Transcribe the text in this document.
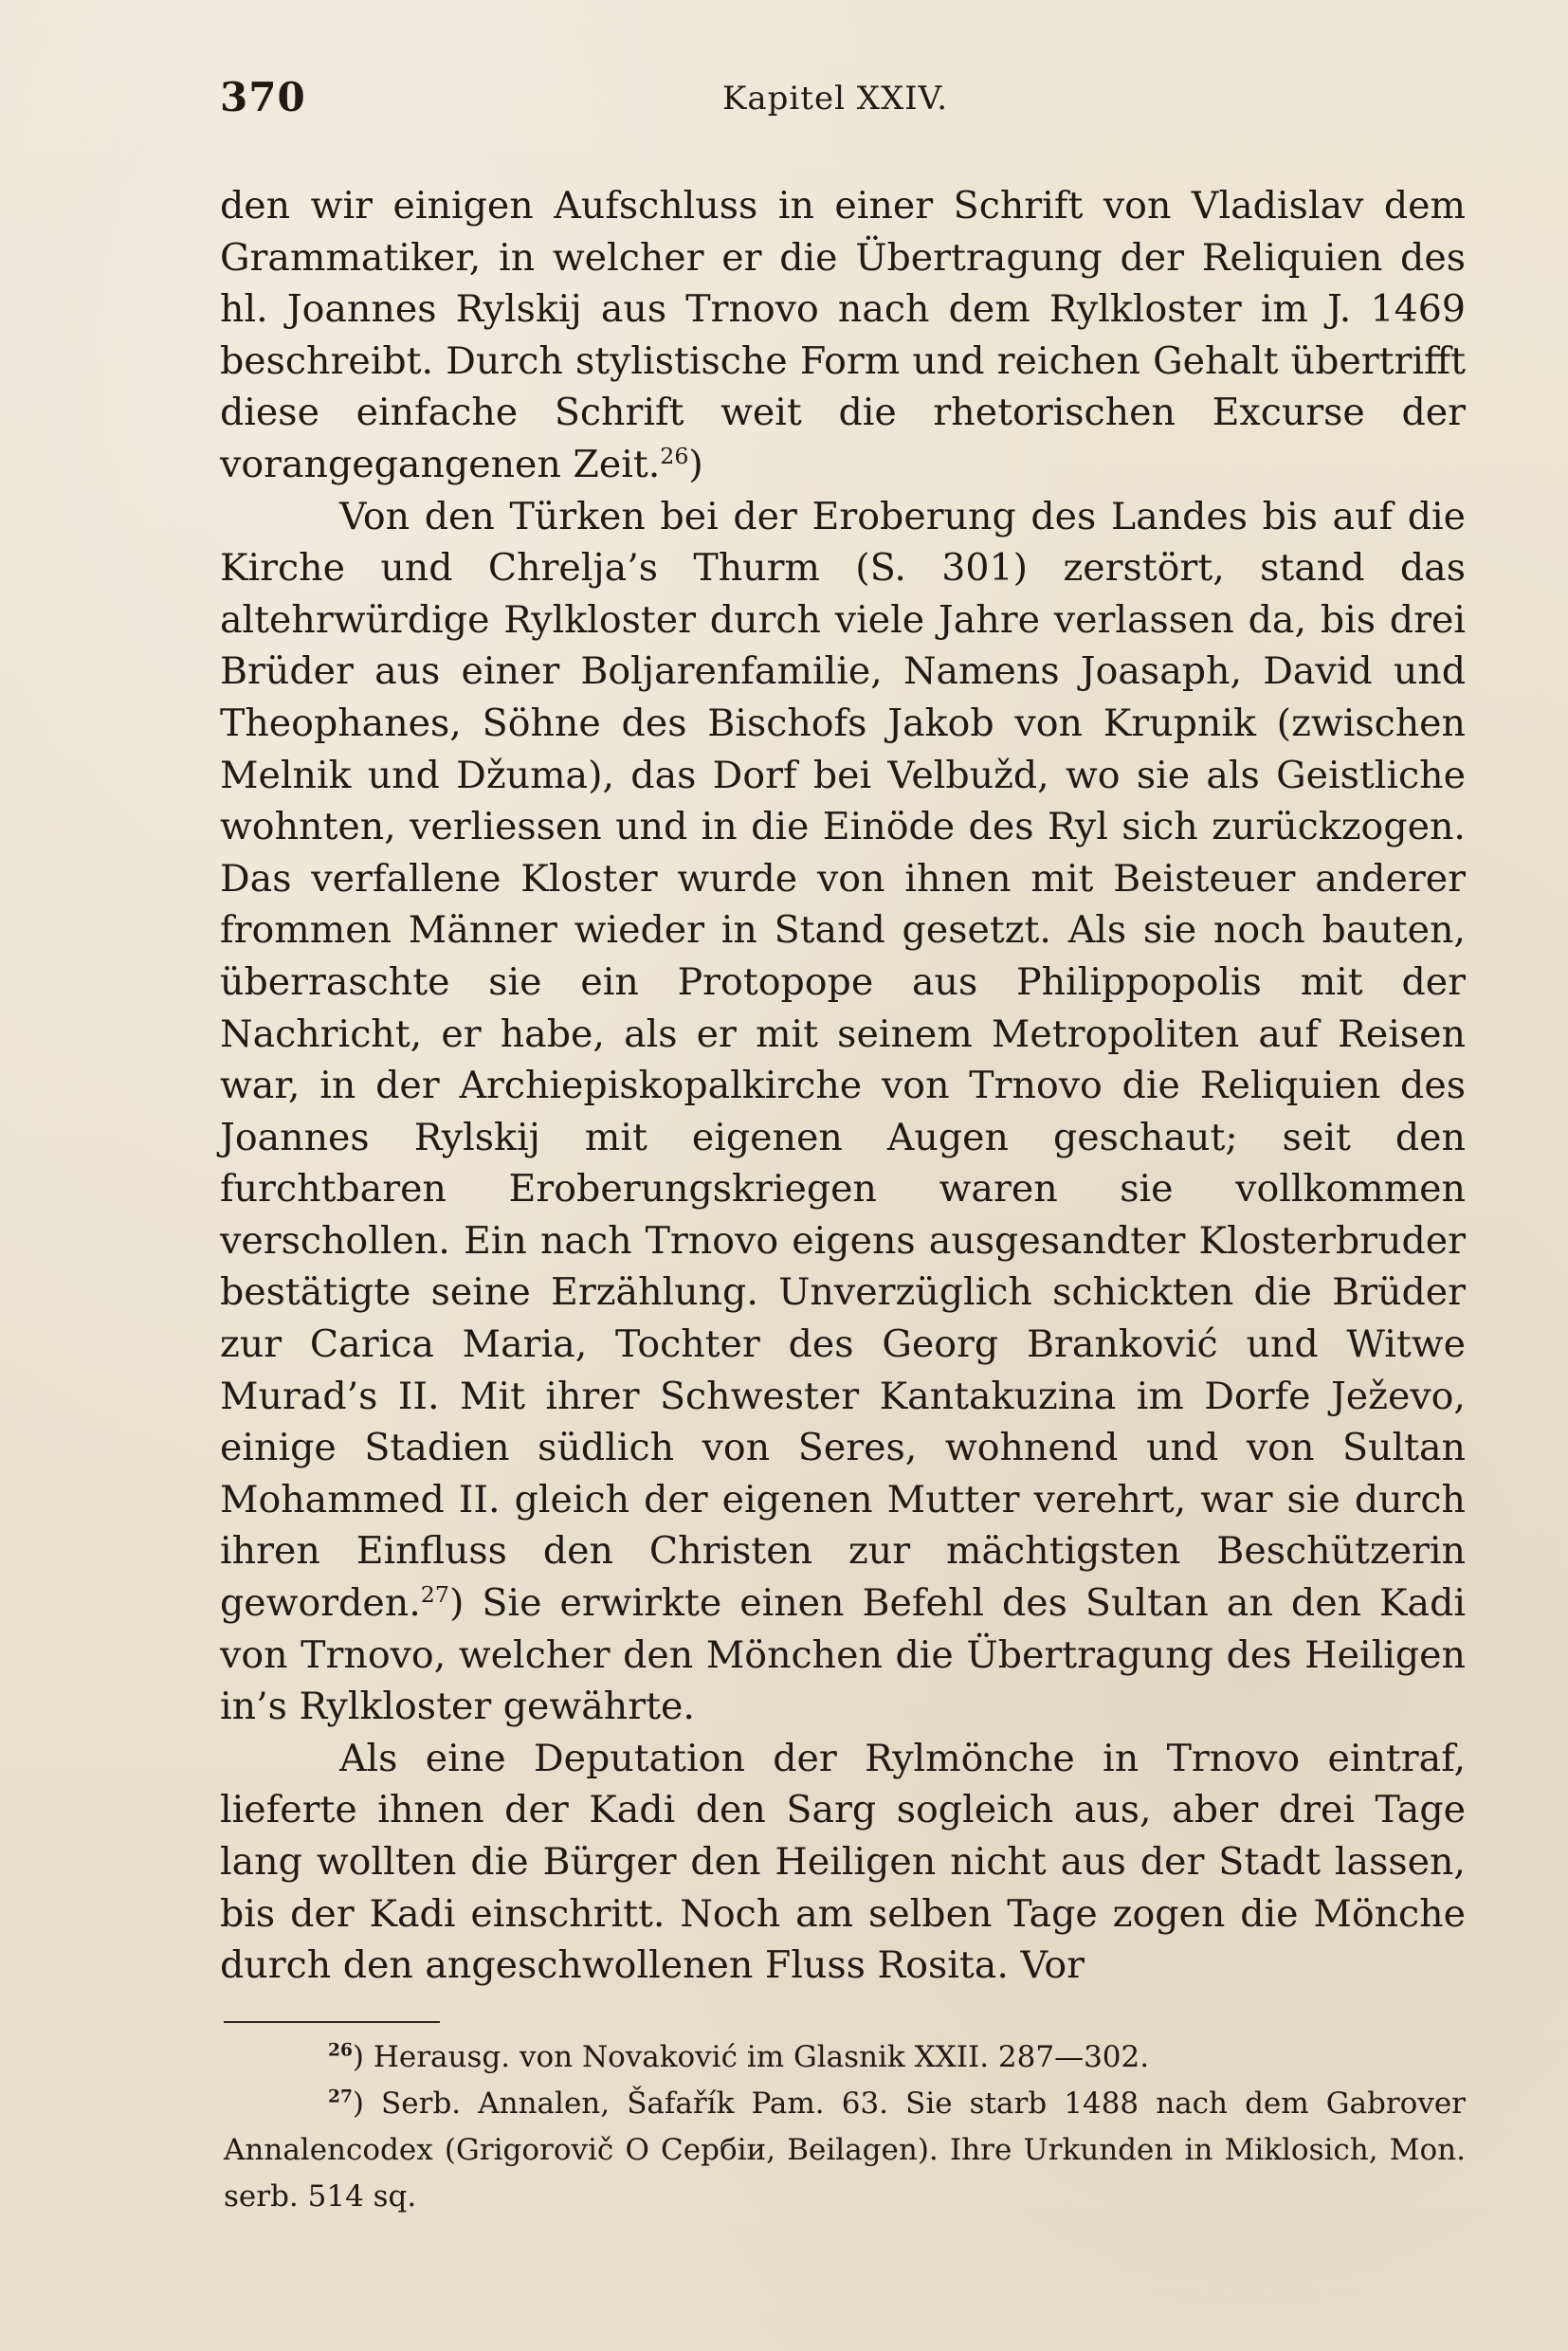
370	Kapitel XXIV.

den wir einigen Aufschluss in einer Schrift von Vladislav dem Grammatiker, in welcher er die Übertragung der Reliquien des hl. Joannes Rylskij aus Trnovo nach dem Rylkloster im J. 1469 beschreibt. Durch stylistische Form und reichen Gehalt übertrifft diese einfache Schrift weit die rhetorischen Excurse der vorangegangenen Zeit.$^{26}$)

Von den Türken bei der Eroberung des Landes bis auf die Kirche und Chrelja’s Thurm (S. 301) zerstört, stand das altehrwürdige Rylkloster durch viele Jahre verlassen da, bis drei Brüder aus einer Boljarenfamilie, Namens Joasaph, David und Theophanes, Söhne des Bischofs Jakob von Krupnik (zwischen Melnik und Džuma), das Dorf bei Velbužd, wo sie als Geistliche wohnten, verliessen und in die Einöde des Ryl sich zurückzogen. Das verfallene Kloster wurde von ihnen mit Beisteuer anderer frommen Männer wieder in Stand gesetzt. Als sie noch bauten, überraschte sie ein Protopope aus Philippopolis mit der Nachricht, er habe, als er mit seinem Metropoliten auf Reisen war, in der Archiepiskopalkirche von Trnovo die Reliquien des Joannes Rylskij mit eigenen Augen geschaut; seit den furchtbaren Eroberungskriegen waren sie vollkommen verschollen. Ein nach Trnovo eigens ausgesandter Klosterbruder bestätigte seine Erzählung. Unverzüglich schickten die Brüder zur Carica Maria, Tochter des Georg Branković und Witwe Murad’s II. Mit ihrer Schwester Kantakuzina im Dorfe Ježevo, einige Stadien südlich von Seres, wohnend und von Sultan Mohammed II. gleich der eigenen Mutter verehrt, war sie durch ihren Einfluss den Christen zur mächtigsten Beschützerin geworden.$^{27}$) Sie erwirkte einen Befehl des Sultan an den Kadi von Trnovo, welcher den Mönchen die Übertragung des Heiligen in’s Rylkloster gewährte.

Als eine Deputation der Rylmönche in Trnovo eintraf, lieferte ihnen der Kadi den Sarg sogleich aus, aber drei Tage lang wollten die Bürger den Heiligen nicht aus der Stadt lassen, bis der Kadi einschritt. Noch am selben Tage zogen die Mönche durch den angeschwollenen Fluss Rosita. Vor

$^{26}$) Herausg. von Novaković im Glasnik XXII. 287—302.

$^{27}$) Serb. Annalen, Šafařík Pam. 63. Sie starb 1488 nach dem Gabrover Annalencodex (Grigorovič O Сербіи, Beilagen). Ihre Urkunden in Miklosich, Mon. serb. 514 sq.
